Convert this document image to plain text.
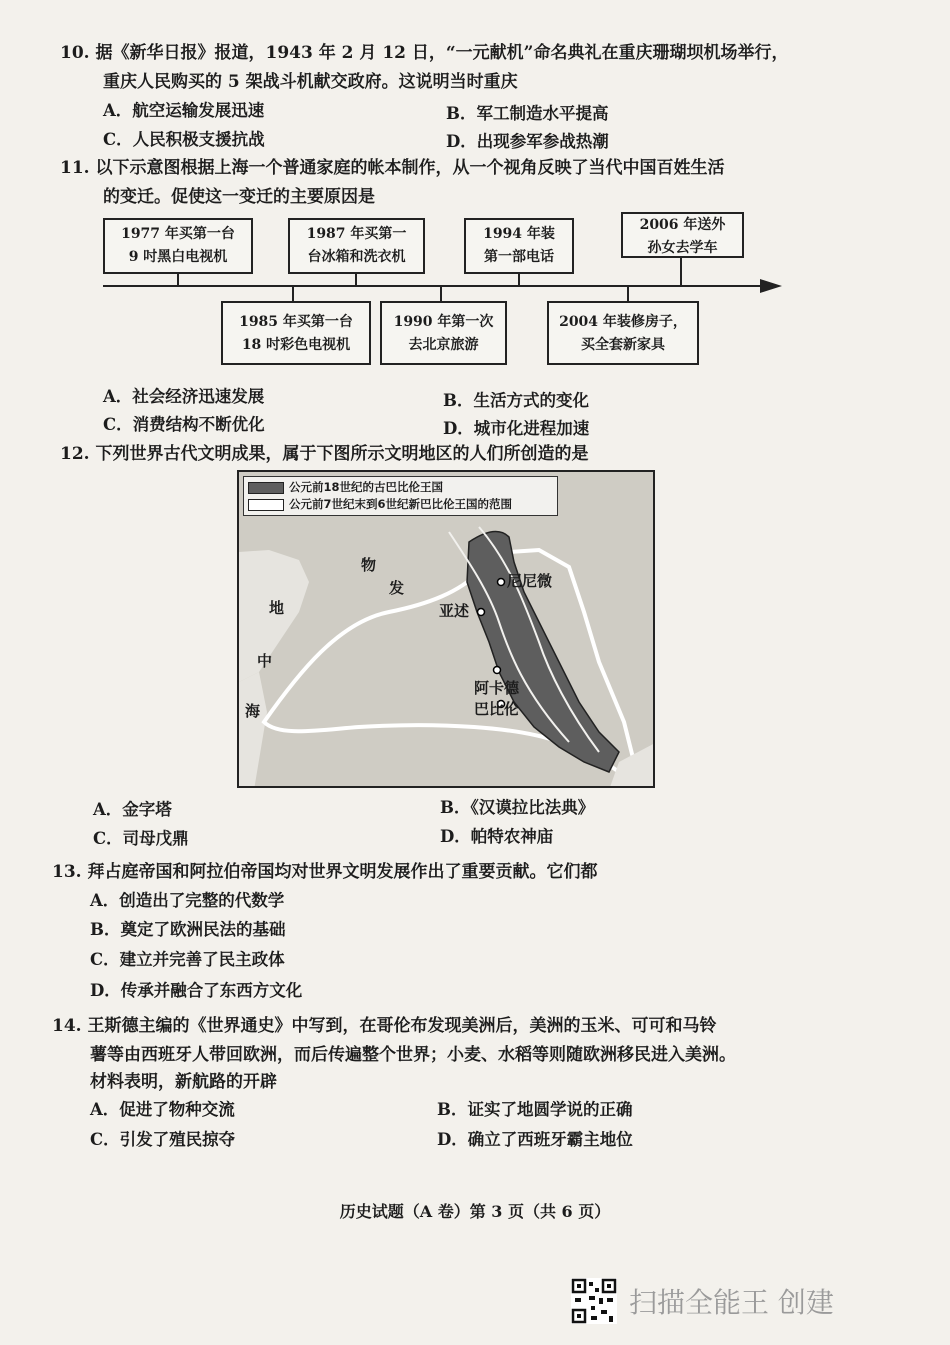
10. 据《新华日报》报道，1943 年 2 月 12 日，“一元献机”命名典礼在重庆珊瑚坝机场举行，
重庆人民购买的 5 架战斗机献交政府。这说明当时重庆
A．航空运输发展迅速	B．军工制造水平提高
C．人民积极支援抗战	D．出现参军参战热潮
11. 以下示意图根据上海一个普通家庭的帐本制作，从一个视角反映了当代中国百姓生活
的变迁。促使这一变迁的主要原因是
1977 年买第一台
9 吋黑白电视机
1987 年买第一
台冰箱和洗衣机
1994 年装
第一部电话
2006 年送外
孙女去学车
1985 年买第一台
18 吋彩色电视机
1990 年第一次
去北京旅游
2004 年装修房子，
买全套新家具
A．社会经济迅速发展	B．生活方式的变化
C．消费结构不断优化	D．城市化进程加速
12. 下列世界古代文明成果，属于下图所示文明地区的人们所创造的是
公元前18世纪的古巴比伦王国
公元前7世纪末到6世纪新巴比伦王国的范围
尼尼微
亚述
阿卡德
巴比伦
地
中
海
发
物
A．金字塔	B．《汉谟拉比法典》
C．司母戊鼎	D．帕特农神庙
13. 拜占庭帝国和阿拉伯帝国均对世界文明发展作出了重要贡献。它们都
A．创造出了完整的代数学
B．奠定了欧洲民法的基础
C．建立并完善了民主政体
D．传承并融合了东西方文化
14. 王斯德主编的《世界通史》中写到，在哥伦布发现美洲后，美洲的玉米、可可和马铃
薯等由西班牙人带回欧洲，而后传遍整个世界；小麦、水稻等则随欧洲移民进入美洲。
材料表明，新航路的开辟
A．促进了物种交流	B．证实了地圆学说的正确
C．引发了殖民掠夺	D．确立了西班牙霸主地位
历史试题（A 卷）第 3 页（共 6 页）
扫描全能王 创建
